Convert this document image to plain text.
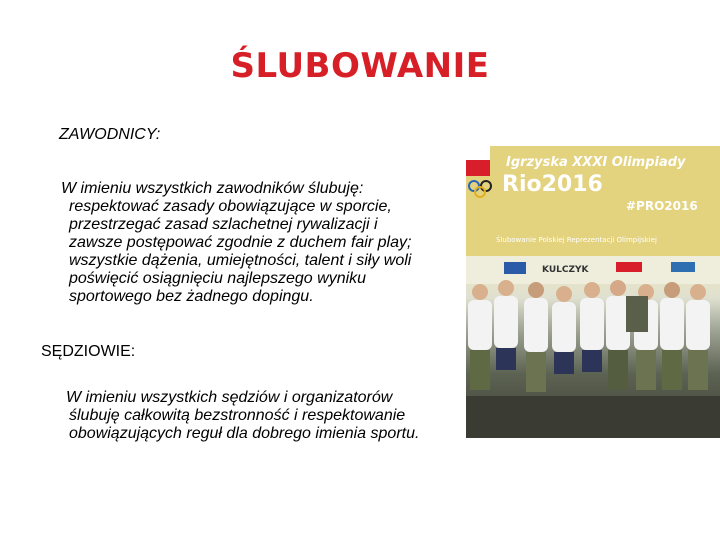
ŚLUBOWANIE
ZAWODNICY:
W imieniu wszystkich zawodników ślubuję:
respektować zasady obowiązujące w sporcie,
przestrzegać zasad szlachetnej rywalizacji i
zawsze postępować zgodnie z duchem fair play;
wszystkie dążenia, umiejętności, talent i siły woli
poświęcić osiągnięciu najlepszego wyniku
sportowego bez żadnego dopingu.
SĘDZIOWIE:
W imieniu wszystkich sędziów i organizatorów
ślubuję całkowitą bezstronność i respektowanie
obowiązujących reguł dla dobrego imienia sportu.
Igrzyska XXXI Olimpiady
Rio2016
#PRO2016
Ślubowanie Polskiej Reprezentacji Olimpijskiej
KULCZYK
